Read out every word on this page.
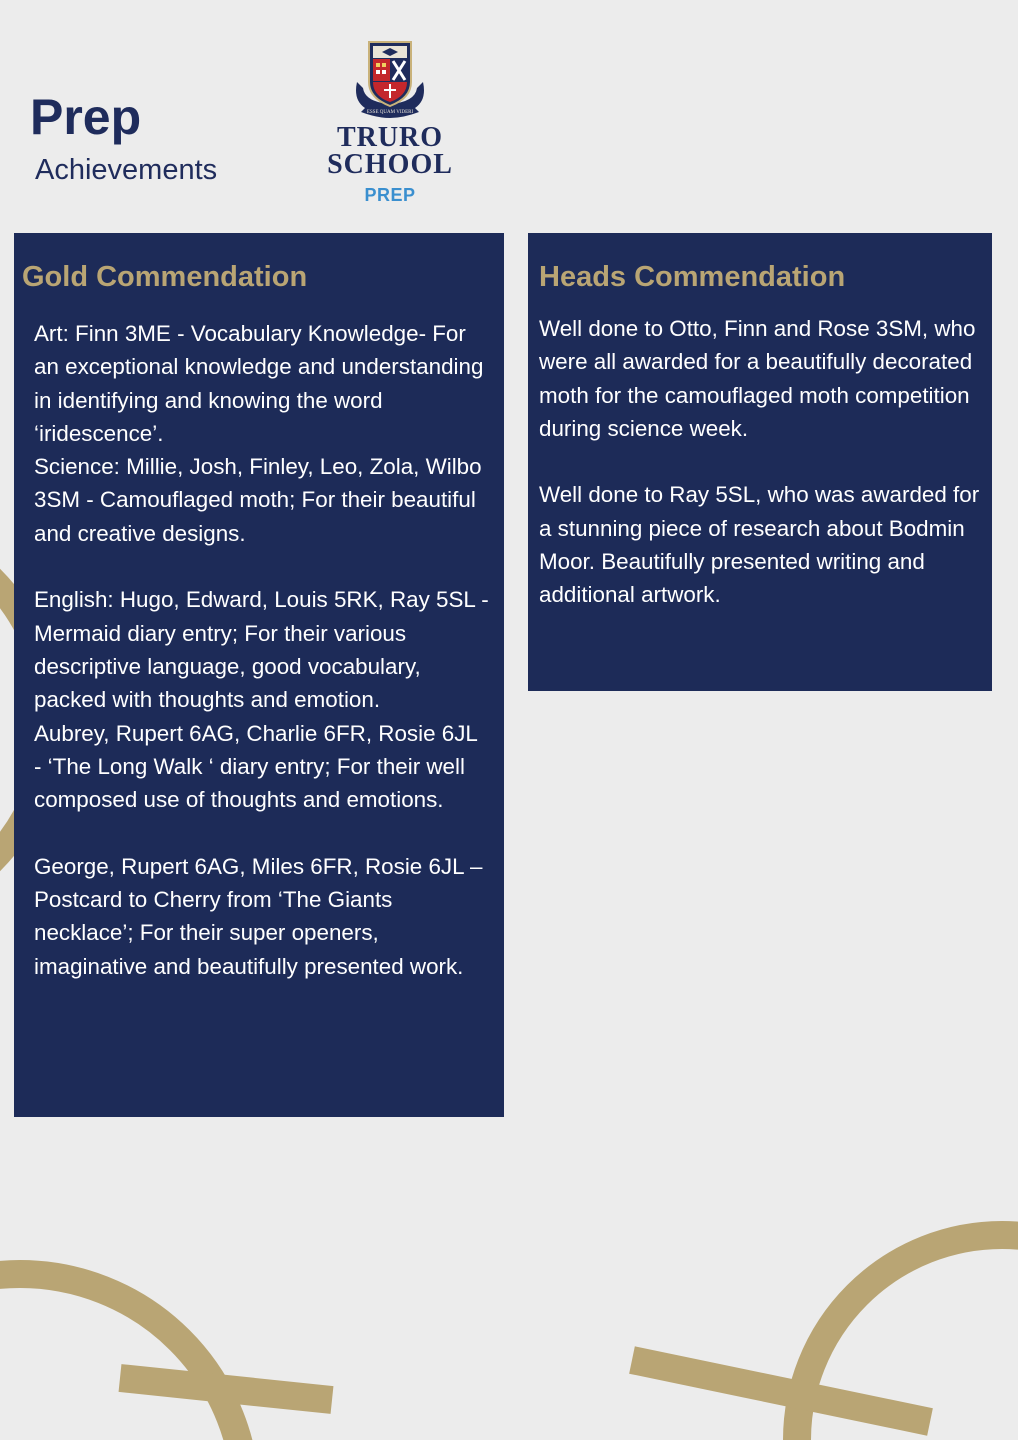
Prep
Achievements
ESSE QUAM VIDERI
TRURO
SCHOOL
PREP
Gold Commendation

Art: Finn 3ME - Vocabulary Knowledge- For an exceptional knowledge and understanding in identifying and knowing the word ‘iridescence’.

Science: Millie, Josh, Finley, Leo, Zola, Wilbo 3SM - Camouflaged moth; For their beautiful and creative designs.

English: Hugo, Edward, Louis 5RK, Ray 5SL - Mermaid diary entry; For their various descriptive language, good vocabulary, packed with thoughts and emotion.

Aubrey, Rupert 6AG, Charlie 6FR, Rosie 6JL - ‘The Long Walk ‘ diary entry; For their well composed use of thoughts and emotions.

George, Rupert 6AG, Miles 6FR, Rosie 6JL – Postcard to Cherry from ‘The Giants necklace’; For their super openers, imaginative and beautifully presented work.

Heads Commendation

Well done to Otto, Finn and Rose 3SM, who were all awarded for a beautifully decorated moth for the camouflaged moth competition during science week.

Well done to Ray 5SL, who was awarded for a stunning piece of research about Bodmin Moor. Beautifully presented writing and additional artwork.
